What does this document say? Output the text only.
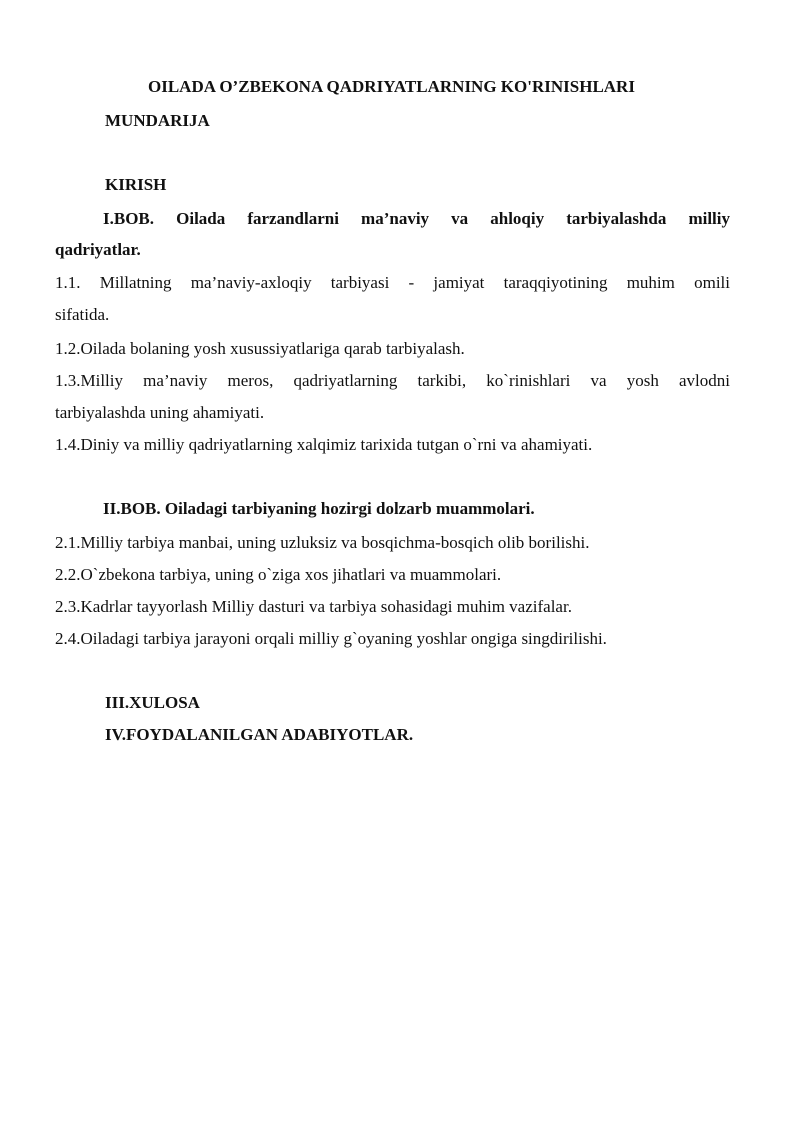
OILADA O’ZBEKONA QADRIYATLARNING KO'RINISHLARI
MUNDARIJA
KIRISH
I.BOB. Oilada farzandlarni ma’naviy va ahloqiy tarbiyalashda milliy
qadriyatlar.
1.1. Millatning ma’naviy-axloqiy tarbiyasi - jamiyat taraqqiyotining muhim omili
sifatida.
1.2.Oilada bolaning yosh xusussiyatlariga qarab tarbiyalash.
1.3.Milliy ma’naviy meros, qadriyatlarning tarkibi, ko`rinishlari va yosh avlodni
tarbiyalashda uning ahamiyati.
1.4.Diniy va milliy qadriyatlarning xalqimiz tarixida tutgan o`rni va ahamiyati.
II.BOB. Oiladagi tarbiyaning hozirgi dolzarb muammolari.
2.1.Milliy tarbiya manbai, uning uzluksiz va bosqichma-bosqich olib borilishi.
2.2.O`zbekona tarbiya, uning o`ziga xos jihatlari va muammolari.
2.3.Kadrlar tayyorlash Milliy dasturi va tarbiya sohasidagi muhim vazifalar.
2.4.Oiladagi tarbiya jarayoni orqali milliy g`oyaning yoshlar ongiga singdirilishi.
III.XULOSA
IV.FOYDALANILGAN ADABIYOTLAR.
